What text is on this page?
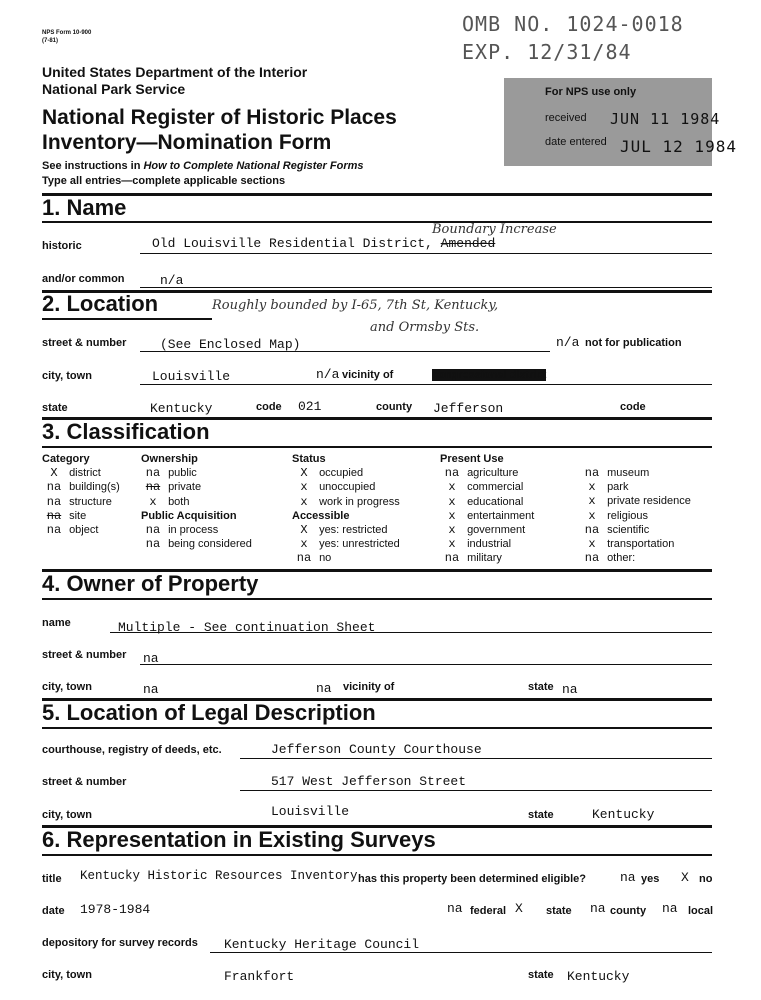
NPS Form 10-900
(7-81)
OMB NO. 1024-0018
EXP. 12/31/84
United States Department of the Interior
National Park Service
National Register of Historic Places
Inventory—Nomination Form
See instructions in How to Complete National Register Forms
Type all entries—complete applicable sections
For NPS use only
received JUN 11 1984
date entered JUL 12 1984
1. Name
Boundary Increase
historic	Old Louisville Residential District, Amended
and/or common	n/a
2. Location	Roughly bounded by I-65, 7th St, Kentucky,
and Ormsby Sts.
street & number	(See Enclosed Map)	n/a not for publication
city, town	Louisville	n/a vicinity of	congressional district
state	Kentucky	code 021	county Jefferson	code
3. Classification
Category
X district
na building(s)
na structure
na site
na object
Ownership
na public
na private
x both
Public Acquisition
na in process
na being considered
Status
X occupied
x unoccupied
x work in progress
Accessible
X yes: restricted
x yes: unrestricted
na no
Present Use
na agriculture
x commercial
x educational
x entertainment
x government
x industrial
na military
na museum
x park
x private residence
x religious
na scientific
x transportation
na other:
4. Owner of Property
name	Multiple - See continuation Sheet
street & number na
city, town	na	na vicinity of	state na
5. Location of Legal Description
courthouse, registry of deeds, etc.	Jefferson County Courthouse
street & number	517 West Jefferson Street
city, town	Louisville	state	Kentucky
6. Representation in Existing Surveys
title Kentucky Historic Resources Inventory has this property been determined eligible?	na yes X no
date 1978-1984	na federal X state na county na local
depository for survey records Kentucky Heritage Council
city, town	Frankfort	state Kentucky
